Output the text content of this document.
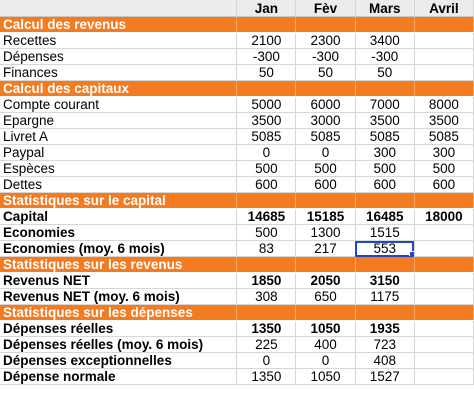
	Jan	Fèv	Mars	Avril
Calcul des revenus				
Recettes	2100	2300	3400	
Dépenses	-300	-300	-300	
Finances	50	50	50	
Calcul des capitaux				
Compte courant	5000	6000	7000	8000
Epargne	3500	3000	3500	3500
Livret A	5085	5085	5085	5085
Paypal	0	0	300	300
Espèces	500	500	500	500
Dettes	600	600	600	600
Statistiques sur le capital				
Capital	14685	15185	16485	18000
Economies	500	1300	1515	
Economies (moy. 6 mois)	83	217	553

Statistiques sur les revenus				
Revenus NET	1850	2050	3150	
Revenus NET (moy. 6 mois)	308	650	1175	
Statistiques sur les dépenses				
Dépenses réelles	1350	1050	1935	
Dépenses réelles (moy. 6 mois)	225	400	723	
Dépenses exceptionnelles	0	0	408	
Dépense normale	1350	1050	1527	
